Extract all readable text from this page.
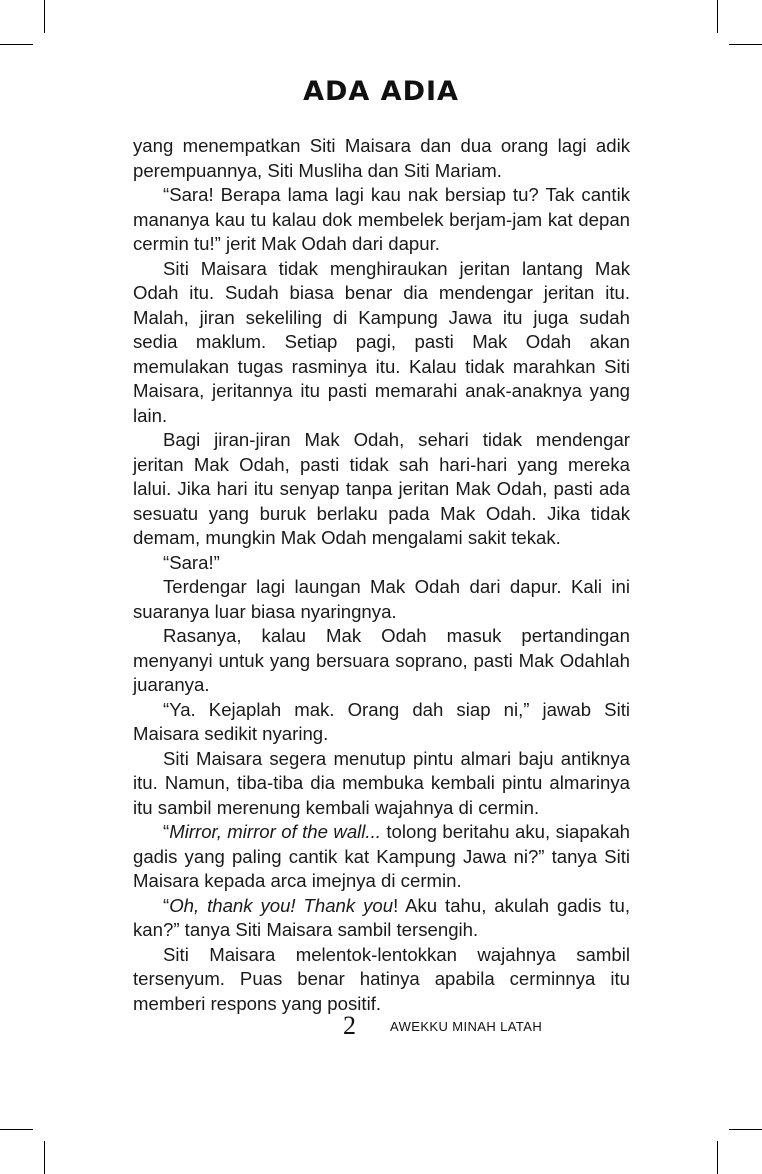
ADA ADIA

yang menempatkan Siti Maisara dan dua orang lagi adik perempuannya, Siti Musliha dan Siti Mariam.

“Sara! Berapa lama lagi kau nak bersiap tu? Tak cantik mananya kau tu kalau dok membelek berjam-jam kat depan cermin tu!” jerit Mak Odah dari dapur.

Siti Maisara tidak menghiraukan jeritan lantang Mak Odah itu. Sudah biasa benar dia mendengar jeritan itu. Malah, jiran sekeliling di Kampung Jawa itu juga sudah sedia maklum. Setiap pagi, pasti Mak Odah akan memulakan tugas rasminya itu. Kalau tidak marahkan Siti Maisara, jeritannya itu pasti memarahi anak-anaknya yang lain.

Bagi jiran-jiran Mak Odah, sehari tidak mendengar jeritan Mak Odah, pasti tidak sah hari-hari yang mereka lalui. Jika hari itu senyap tanpa jeritan Mak Odah, pasti ada sesuatu yang buruk berlaku pada Mak Odah. Jika tidak demam, mungkin Mak Odah mengalami sakit tekak.

“Sara!”

Terdengar lagi laungan Mak Odah dari dapur. Kali ini suaranya luar biasa nyaringnya.

Rasanya, kalau Mak Odah masuk pertandingan menyanyi untuk yang bersuara soprano, pasti Mak Odahlah juaranya.

“Ya. Kejaplah mak. Orang dah siap ni,” jawab Siti Maisara sedikit nyaring.

Siti Maisara segera menutup pintu almari baju antiknya itu. Namun, tiba-tiba dia membuka kembali pintu almarinya itu sambil merenung kembali wajahnya di cermin.

“Mirror, mirror of the wall... tolong beritahu aku, siapakah gadis yang paling cantik kat Kampung Jawa ni?” tanya Siti Maisara kepada arca imejnya di cermin.

“Oh, thank you! Thank you! Aku tahu, akulah gadis tu, kan?” tanya Siti Maisara sambil tersengih.

Siti Maisara melentok-lentokkan wajahnya sambil tersenyum. Puas benar hatinya apabila cerminnya itu memberi respons yang positif.

2	AWEKKU MINAH LATAH
